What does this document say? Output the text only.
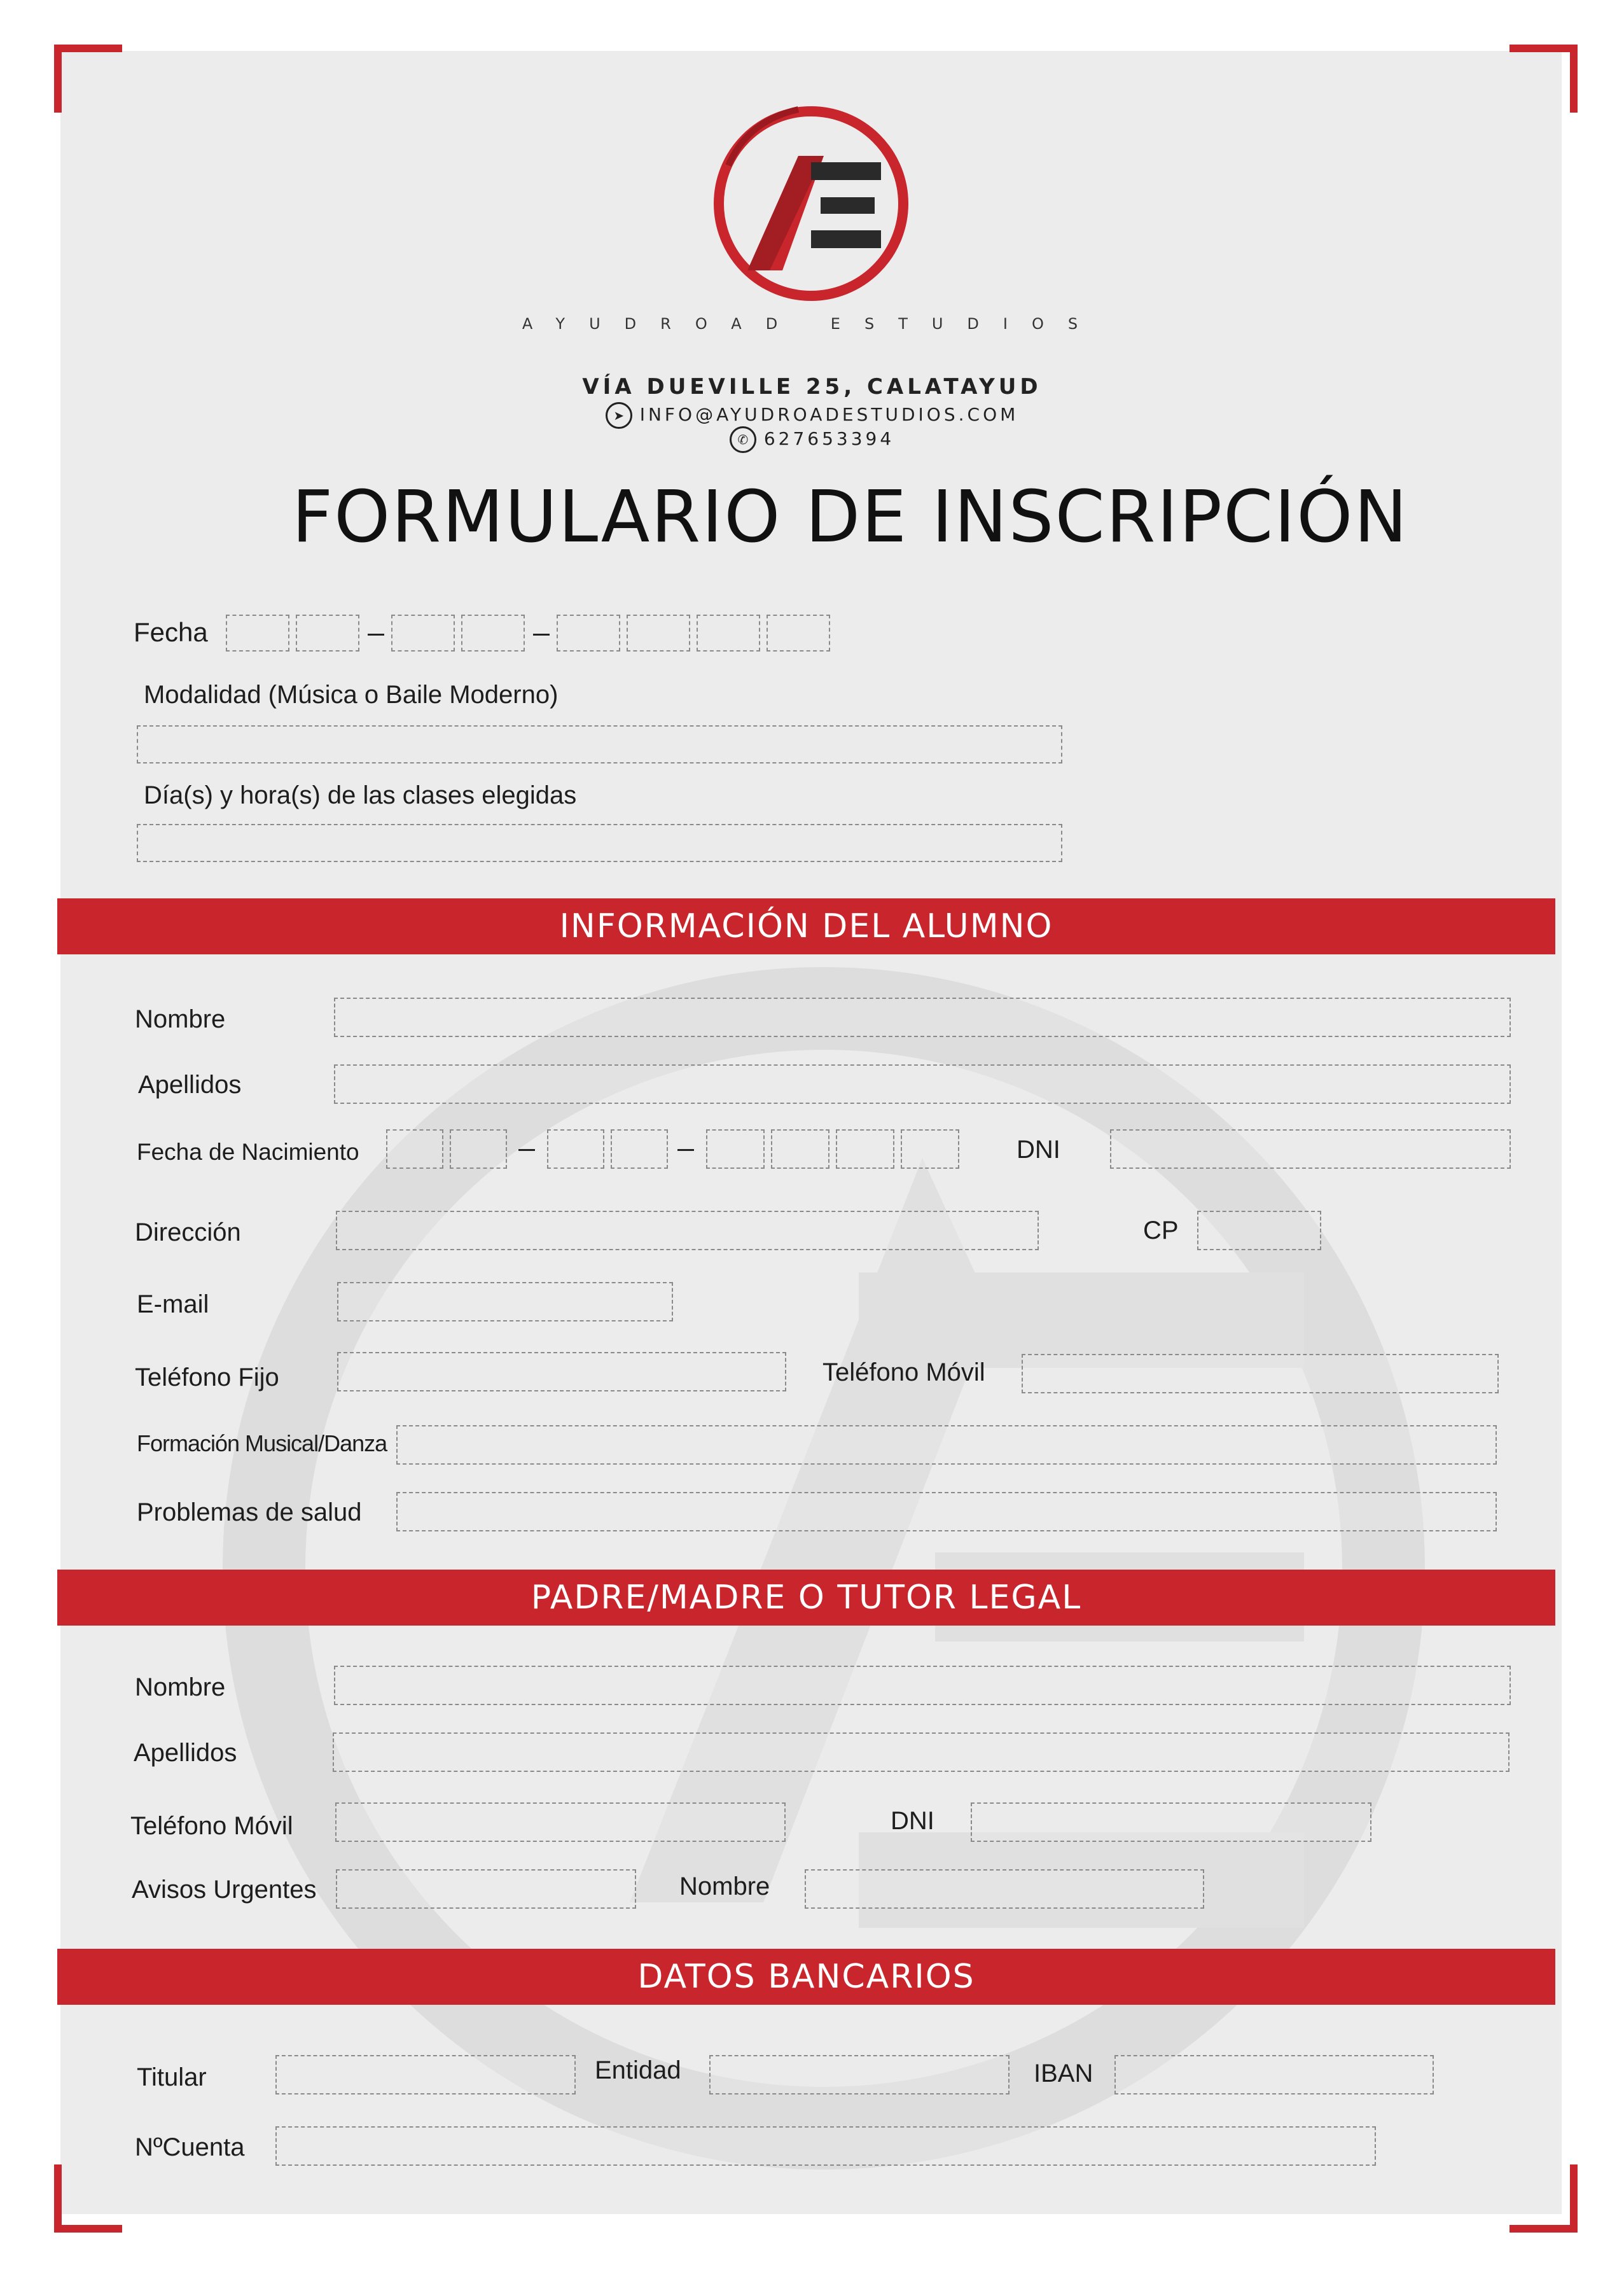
AYUDROAD ESTUDIOS
VÍA DUEVILLE 25, CALATAYUD
➤ INFO@AYUDROADESTUDIOS.COM
✆ 627653394
FORMULARIO DE INSCRIPCIÓN
Fecha
Modalidad (Música o Baile Moderno)
Día(s) y hora(s) de las clases elegidas
INFORMACIÓN DEL ALUMNO
Nombre
Apellidos
Fecha de Nacimiento	DNI
Dirección	CP
E-mail
Teléfono Fijo	Teléfono Móvil
Formación Musical/Danza
Problemas de salud
PADRE/MADRE O TUTOR LEGAL
Nombre
Apellidos
Teléfono Móvil	DNI
Avisos Urgentes	Nombre
DATOS BANCARIOS
Titular	Entidad	IBAN
NºCuenta
